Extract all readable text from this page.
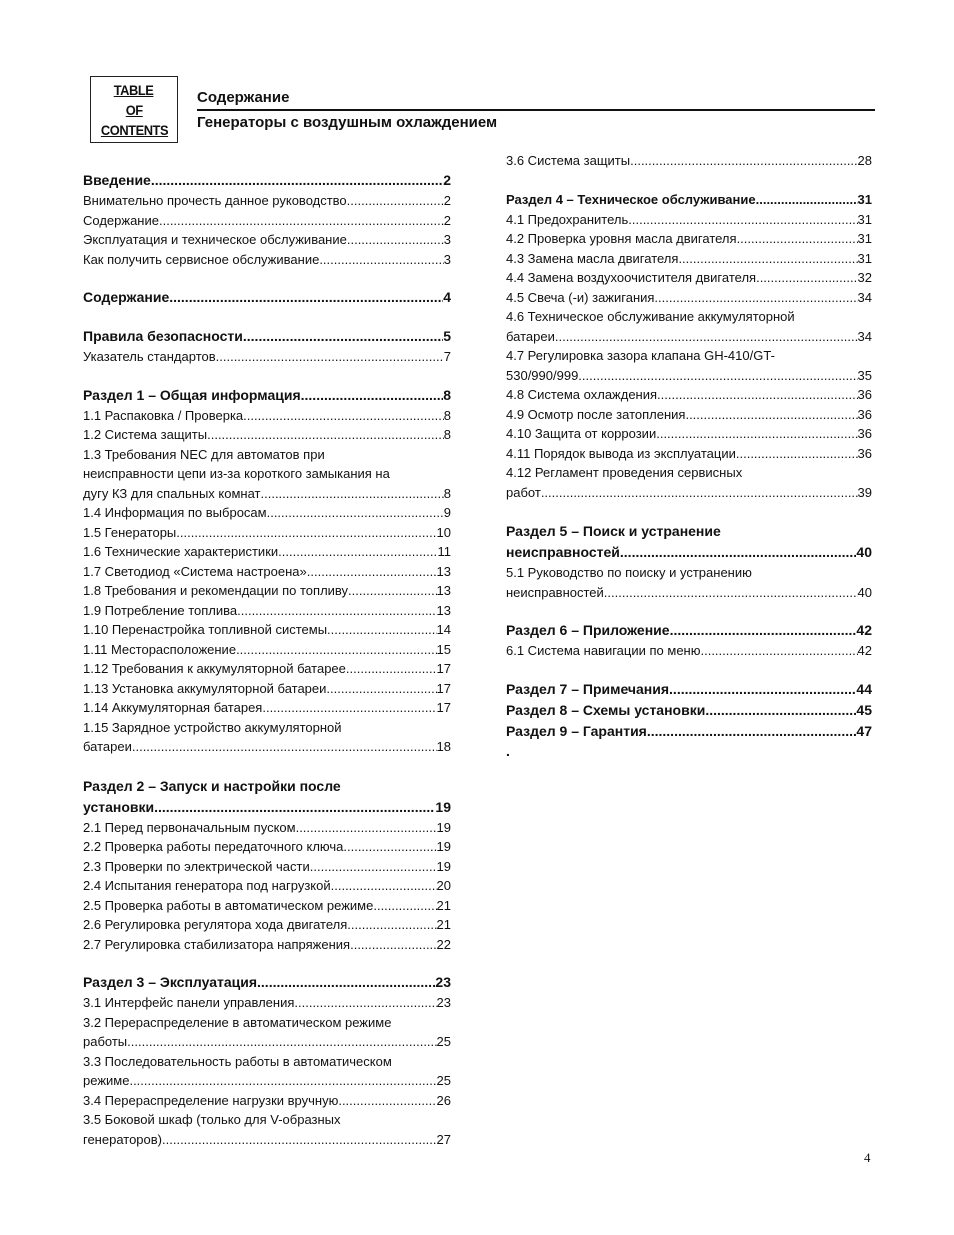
TABLE
OF
CONTENTS
Содержание
Генераторы с воздушным охлаждением
Введение .....	2
Внимательно прочесть данное руководство .....	2
Содержание .....	2
Эксплуатация и техническое обслуживание .....	3
Как получить сервисное обслуживание .....	3
Содержание .....	4
Правила безопасности .....	5
Указатель стандартов .....	7
Раздел 1 – Общая информация .....	8
1.1 Распаковка / Проверка .....	8
1.2 Система защиты .....	8
1.3 Требования NEC для автоматов при
неисправности цепи из-за короткого замыкания на
дугу КЗ для спальных комнат .....	8
1.4 Информация по выбросам .....	9
1.5 Генераторы .....	10
1.6 Технические характеристики .....	11
1.7 Светодиод «Система настроена» .....	13
1.8 Требования и рекомендации по топливу .....	13
1.9 Потребление топлива .....	13
1.10 Перенастройка топливной системы .....	14
1.11 Месторасположение .....	15
1.12 Требования к аккумуляторной батарее .....	17
1.13 Установка аккумуляторной батареи .....	17
1.14 Аккумуляторная батарея .....	17
1.15 Зарядное устройство аккумуляторной
батареи .....	18
Раздел 2 – Запуск и настройки после
установки .....	19
2.1 Перед первоначальным пуском .....	19
2.2 Проверка работы передаточного ключа .....	19
2.3 Проверки по электрической части .....	19
2.4 Испытания генератора под нагрузкой .....	20
2.5 Проверка работы в автоматическом режиме .....	21
2.6 Регулировка регулятора хода двигателя .....	21
2.7 Регулировка стабилизатора напряжения .....	22
Раздел 3 – Эксплуатация .....	23
3.1 Интерфейс панели управления .....	23
3.2 Перераспределение в автоматическом режиме
работы .....	25
3.3 Последовательность работы в автоматическом
режиме .....	25
3.4 Перераспределение нагрузки вручную .....	26
3.5 Боковой шкаф (только для V-образных
генераторов) .....	27
3.6 Система защиты .....	28
Раздел 4 – Техническое обслуживание .....	31
4.1 Предохранитель .....	31
4.2 Проверка уровня масла двигателя .....	31
4.3 Замена масла двигателя .....	31
4.4 Замена воздухоочистителя двигателя .....	32
4.5 Свеча (-и) зажигания .....	34
4.6 Техническое обслуживание аккумуляторной
батареи .....	34
4.7 Регулировка зазора клапана GH-410/GT-
530/990/999 .....	35
4.8 Система охлаждения .....	36
4.9 Осмотр после затопления .....	36
4.10 Защита от коррозии .....	36
4.11 Порядок вывода из эксплуатации .....	36
4.12 Регламент проведения сервисных
работ .....	39
Раздел 5 – Поиск и устранение
неисправностей .....	40
5.1 Руководство по поиску и устранению
неисправностей .....	40
Раздел 6 – Приложение .....	42
6.1 Система навигации по меню .....	42
Раздел 7 – Примечания .....	44
Раздел 8 – Схемы установки .....	45
Раздел 9 – Гарантия .....	47
.
4
